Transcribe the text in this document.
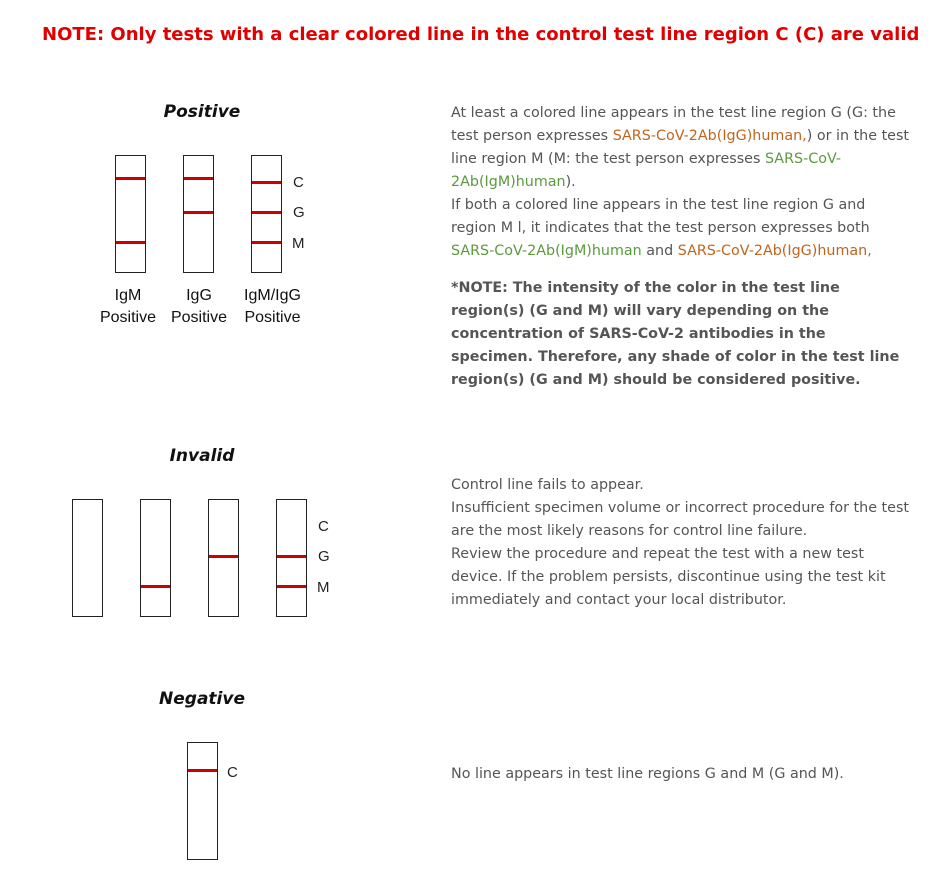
NOTE: Only tests with a clear colored line in the control test line region C (C) are valid
Positive
C
G
M
IgM
Positive
IgG
Positive
IgM/IgG
Positive

At least a colored line appears in the test line region G (G: the test person expresses SARS-CoV-2Ab(IgG)human,) or in the test line region M (M: the test person expresses SARS-CoV-2Ab(IgM)human).

If both a colored line appears in the test line region G and region M l, it indicates that the test person expresses both SARS-CoV-2Ab(IgM)human and SARS-CoV-2Ab(IgG)human,

*NOTE: The intensity of the color in the test line region(s) (G and M) will vary depending on the concentration of SARS-CoV-2 antibodies in the specimen. Therefore, any shade of color in the test line region(s) (G and M) should be considered positive.
Invalid
C
G
M

Control line fails to appear.

Insufficient specimen volume or incorrect procedure for the test are the most likely reasons for control line failure.

Review the procedure and repeat the test with a new test device. If the problem persists, discontinue using the test kit immediately and contact your local distributor.

Negative
C	No line appears in test line regions G and M (G and M).
